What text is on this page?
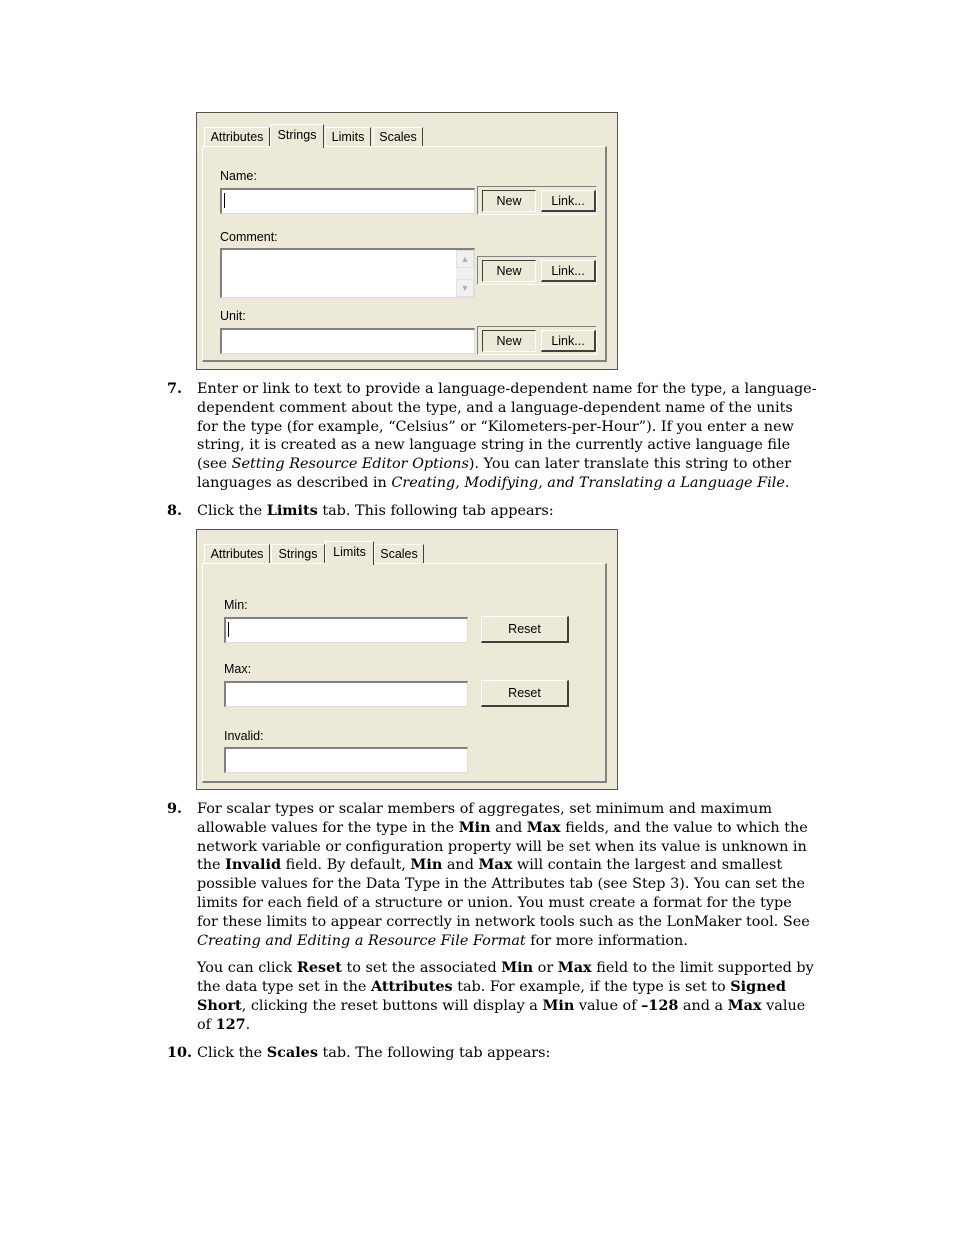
Attributes	Strings	Limits	Scales
Name:
New	Link...
Comment:
▲
▼
New	Link...
Unit:
New	Link...
7. Enter or link to text to provide a language-dependent name for the type, a language-dependent comment about the type, and a language-dependent name of the units for the type (for example, “Celsius” or “Kilometers-per-Hour”). If you enter a new string, it is created as a new language string in the currently active language file (see Setting Resource Editor Options). You can later translate this string to other languages as described in Creating, Modifying, and Translating a Language File.
8. Click the Limits tab. This following tab appears:
Attributes	Strings	Limits	Scales
Min:
Reset
Max:
Reset
Invalid:
9. For scalar types or scalar members of aggregates, set minimum and maximum allowable values for the type in the Min and Max fields, and the value to which the network variable or configuration property will be set when its value is unknown in the Invalid field. By default, Min and Max will contain the largest and smallest possible values for the Data Type in the Attributes tab (see Step 3). You can set the limits for each field of a structure or union. You must create a format for the type for these limits to appear correctly in network tools such as the LonMaker tool. See Creating and Editing a Resource File Format for more information.

You can click Reset to set the associated Min or Max field to the limit supported by the data type set in the Attributes tab. For example, if the type is set to Signed Short, clicking the reset buttons will display a Min value of –128 and a Max value of 127.

10. Click the Scales tab. The following tab appears:
